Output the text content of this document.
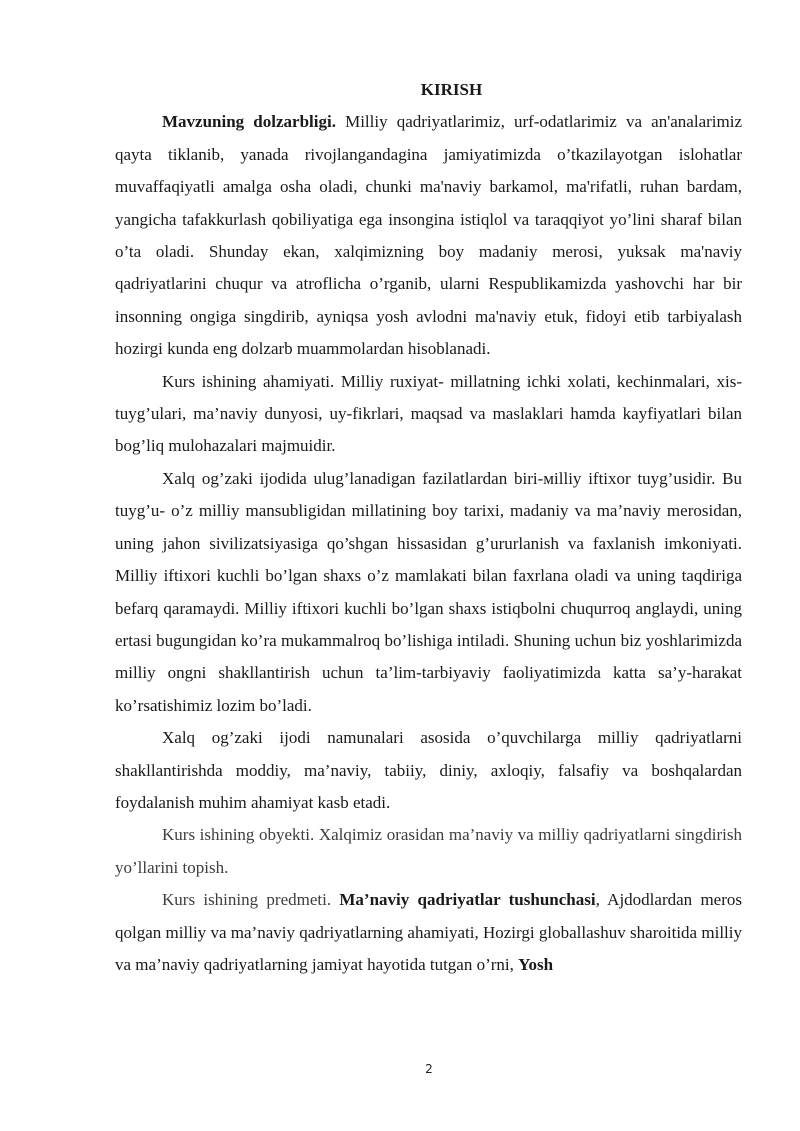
KIRISH

Mavzuning dolzarbligi. Milliy qadriyatlarimiz, urf-odatlarimiz va an'analarimiz qayta tiklanib, yanada rivojlangandagina jamiyatimizda o’tkazilayotgan islohatlar muvaffaqiyatli amalga osha oladi, chunki ma'naviy barkamol, ma'rifatli, ruhan bardam, yangicha tafakkurlash qobiliyatiga ega insongina istiqlol va taraqqiyot yo’lini sharaf bilan o’ta oladi. Shunday ekan, xalqimizning boy madaniy merosi, yuksak ma'naviy qadriyatlarini chuqur va atroflicha o’rganib, ularni Respublikamizda yashovchi har bir insonning ongiga singdirib, ayniqsa yosh avlodni ma'naviy etuk, fidoyi etib tarbiyalash hozirgi kunda eng dolzarb muammolardan hisoblanadi.

Kurs ishining ahamiyati. Milliy ruxiyat- millatning ichki xolati, kechinmalari, xis-tuyg’ulari, ma’naviy dunyosi, uy-fikrlari, maqsad va maslaklari hamda kayfiyatlari bilan bog’liq mulohazalari majmuidir.

Xalq og’zaki ijodida ulug’lanadigan fazilatlardan biri-мilliy iftixor tuyg’usidir. Bu tuyg’u- o’z milliy mansubligidan millatining boy tarixi, madaniy va ma’naviy merosidan, uning jahon sivilizatsiyasiga qo’shgan hissasidan g’ururlanish va faxlanish imkoniyati. Milliy iftixori kuchli bo’lgan shaxs o’z mamlakati bilan faxrlana oladi va uning taqdiriga befarq qaramaydi. Milliy iftixori kuchli bo’lgan shaxs istiqbolni chuqurroq anglaydi, uning ertasi bugungidan ko’ra mukammalroq bo’lishiga intiladi. Shuning uchun biz yoshlarimizda milliy ongni shakllantirish uchun ta’lim-tarbiyaviy faoliyatimizda katta sa’y-harakat ko’rsatishimiz lozim bo’ladi.

Xalq og’zaki ijodi namunalari asosida o’quvchilarga milliy qadriyatlarni shakllantirishda moddiy, ma’naviy, tabiiy, diniy, axloqiy, falsafiy va boshqalardan foydalanish muhim ahamiyat kasb etadi.

Kurs ishining obyekti. Xalqimiz orasidan ma’naviy va milliy qadriyatlarni singdirish yo’llarini topish.

Kurs ishining predmeti. Ma’naviy qadriyatlar tushunchasi, Ajdodlardan meros qolgan milliy va ma’naviy qadriyatlarning ahamiyati, Hozirgi globallashuv sharoitida milliy va ma’naviy qadriyatlarning jamiyat hayotida tutgan o’rni, Yosh

2
